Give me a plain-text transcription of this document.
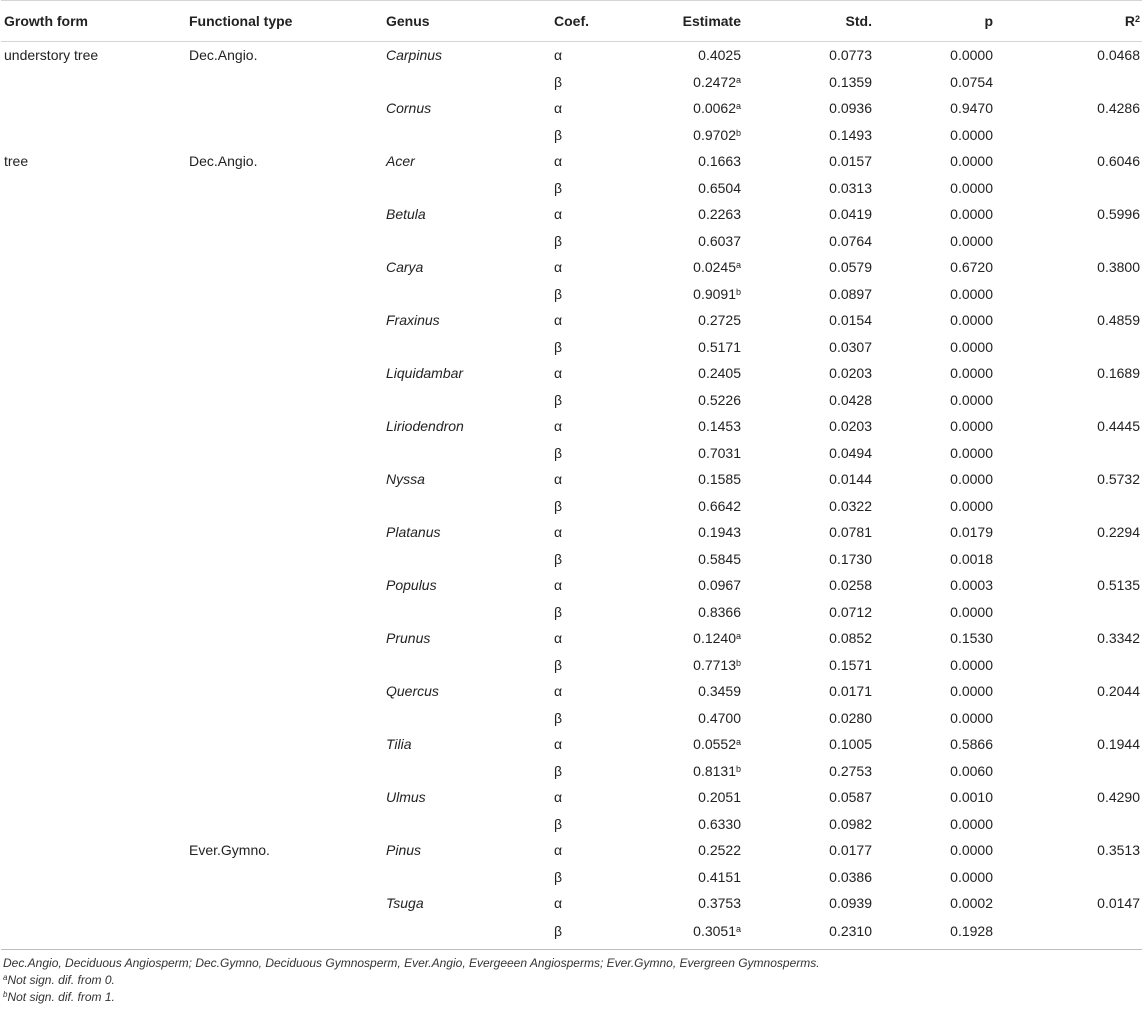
Growth form	Functional type	Genus	Coef.	Estimate	Std.	p	$R^2$
understory tree	Dec.Angio.	Carpinus	α	0.4025	0.0773	0.0000	0.0468
			β	0.2472$^a$	0.1359	0.0754	
		Cornus	α	0.0062$^a$	0.0936	0.9470	0.4286
			β	0.9702$^b$	0.1493	0.0000	
tree	Dec.Angio.	Acer	α	0.1663	0.0157	0.0000	0.6046
			β	0.6504	0.0313	0.0000	
		Betula	α	0.2263	0.0419	0.0000	0.5996
			β	0.6037	0.0764	0.0000	
		Carya	α	0.0245$^a$	0.0579	0.6720	0.3800
			β	0.9091$^b$	0.0897	0.0000	
		Fraxinus	α	0.2725	0.0154	0.0000	0.4859
			β	0.5171	0.0307	0.0000	
		Liquidambar	α	0.2405	0.0203	0.0000	0.1689
			β	0.5226	0.0428	0.0000	
		Liriodendron	α	0.1453	0.0203	0.0000	0.4445
			β	0.7031	0.0494	0.0000	
		Nyssa	α	0.1585	0.0144	0.0000	0.5732
			β	0.6642	0.0322	0.0000	
		Platanus	α	0.1943	0.0781	0.0179	0.2294
			β	0.5845	0.1730	0.0018	
		Populus	α	0.0967	0.0258	0.0003	0.5135
			β	0.8366	0.0712	0.0000	
		Prunus	α	0.1240$^a$	0.0852	0.1530	0.3342
			β	0.7713$^b$	0.1571	0.0000	
		Quercus	α	0.3459	0.0171	0.0000	0.2044
			β	0.4700	0.0280	0.0000	
		Tilia	α	0.0552$^a$	0.1005	0.5866	0.1944
			β	0.8131$^b$	0.2753	0.0060	
		Ulmus	α	0.2051	0.0587	0.0010	0.4290
			β	0.6330	0.0982	0.0000	
	Ever.Gymno.	Pinus	α	0.2522	0.0177	0.0000	0.3513
			β	0.4151	0.0386	0.0000	
		Tsuga	α	0.3753	0.0939	0.0002	0.0147
			β	0.3051$^a$	0.2310	0.1928	
Dec.Angio, Deciduous Angiosperm; Dec.Gymno, Deciduous Gymnosperm, Ever.Angio, Evergeeen Angiosperms; Ever.Gymno, Evergreen Gymnosperms.
$^a$Not sign. dif. from 0.
$^b$Not sign. dif. from 1.
